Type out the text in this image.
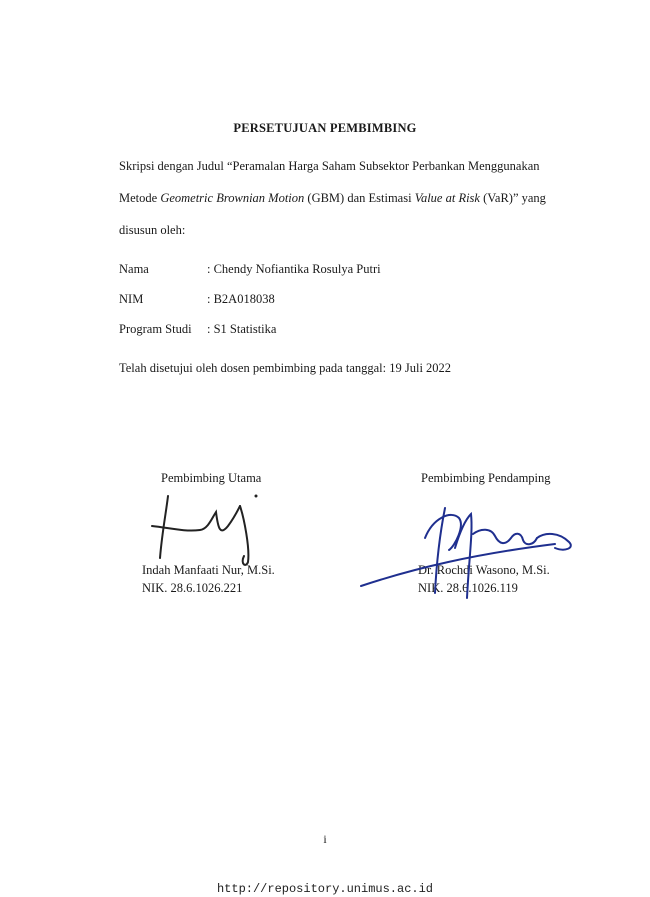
PERSETUJUAN PEMBIMBING
Skripsi dengan Judul “Peramalan Harga Saham Subsektor Perbankan Menggunakan
Metode Geometric Brownian Motion (GBM) dan Estimasi Value at Risk (VaR)” yang
disusun oleh:
Nama	: Chendy Nofiantika Rosulya Putri
NIM	: B2A018038
Program Studi : S1 Statistika
Telah disetujui oleh dosen pembimbing pada tanggal: 19 Juli 2022
Pembimbing Utama
Indah Manfaati Nur, M.Si.
NIK. 28.6.1026.221
Pembimbing Pendamping
Dr. Rochdi Wasono, M.Si.
NIK. 28.6.1026.119
i
http://repository.unimus.ac.id
